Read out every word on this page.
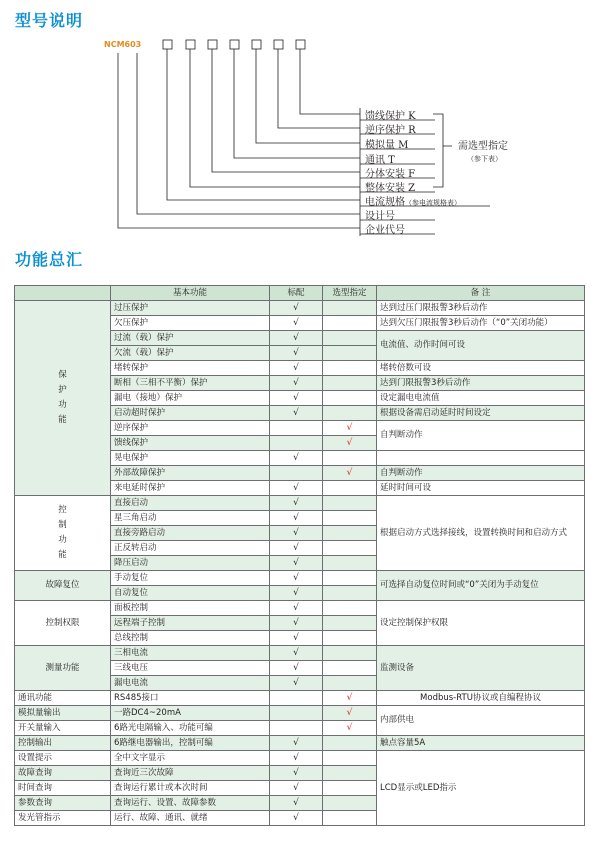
型号说明
NCM603
馈线保护 K
逆序保护 R
模拟量 M
通讯 T
分体安装 F
整体安装 Z
电流规格（参电流规格表）
设计号
企业代号
需选型指定
（参下表）
功能总汇
	基本功能	标配	选型指定	备 注
保护功能	过压保护	√		达到过压门限报警3秒后动作
	欠压保护	√		达到欠压门限报警3秒后动作（“0”关闭功能）
	过流（载）保护	√		电流值、动作时间可设
	欠流（载）保护	√		
	堵转保护	√		堵转倍数可设
	断相（三相不平衡）保护	√		达到门限报警3秒后动作
	漏电（接地）保护	√		设定漏电电流值
	启动超时保护	√		根据设备需启动延时时间设定
	逆序保护		√	自判断动作
	馈线保护		√	
	晃电保护	√		
	外部故障保护		√	自判断动作
	来电延时保护	√		延时时间可设
控制功能	直接启动	√		根据启动方式选择接线，设置转换时间和启动方式
	星三角启动	√		
	直接旁路启动	√		
	正反转启动	√		
	降压启动	√		
故障复位	手动复位	√		可选择自动复位时间或“0”关闭为手动复位
	自动复位	√		
控制权限	面板控制	√		设定控制保护权限
	远程端子控制	√		
	总线控制	√		
测量功能	三相电流	√		监测设备
	三线电压	√		
	漏电电流	√		
通讯功能	RS485接口		√	Modbus-RTU协议或自编程协议
模拟量输出	一路DC4~20mA		√	内部供电
开关量输入	6路光电隔输入、功能可编		√	
控制输出	6路继电器输出，控制可编	√		触点容量5A
设置提示	全中文字显示	√		LCD显示或LED指示
故障查询	查询近三次故障	√		
时间查询	查询运行累计或本次时间	√		
参数查询	查询运行、设置、故障参数	√		
发光管指示	运行、故障、通讯、就绪	√		
